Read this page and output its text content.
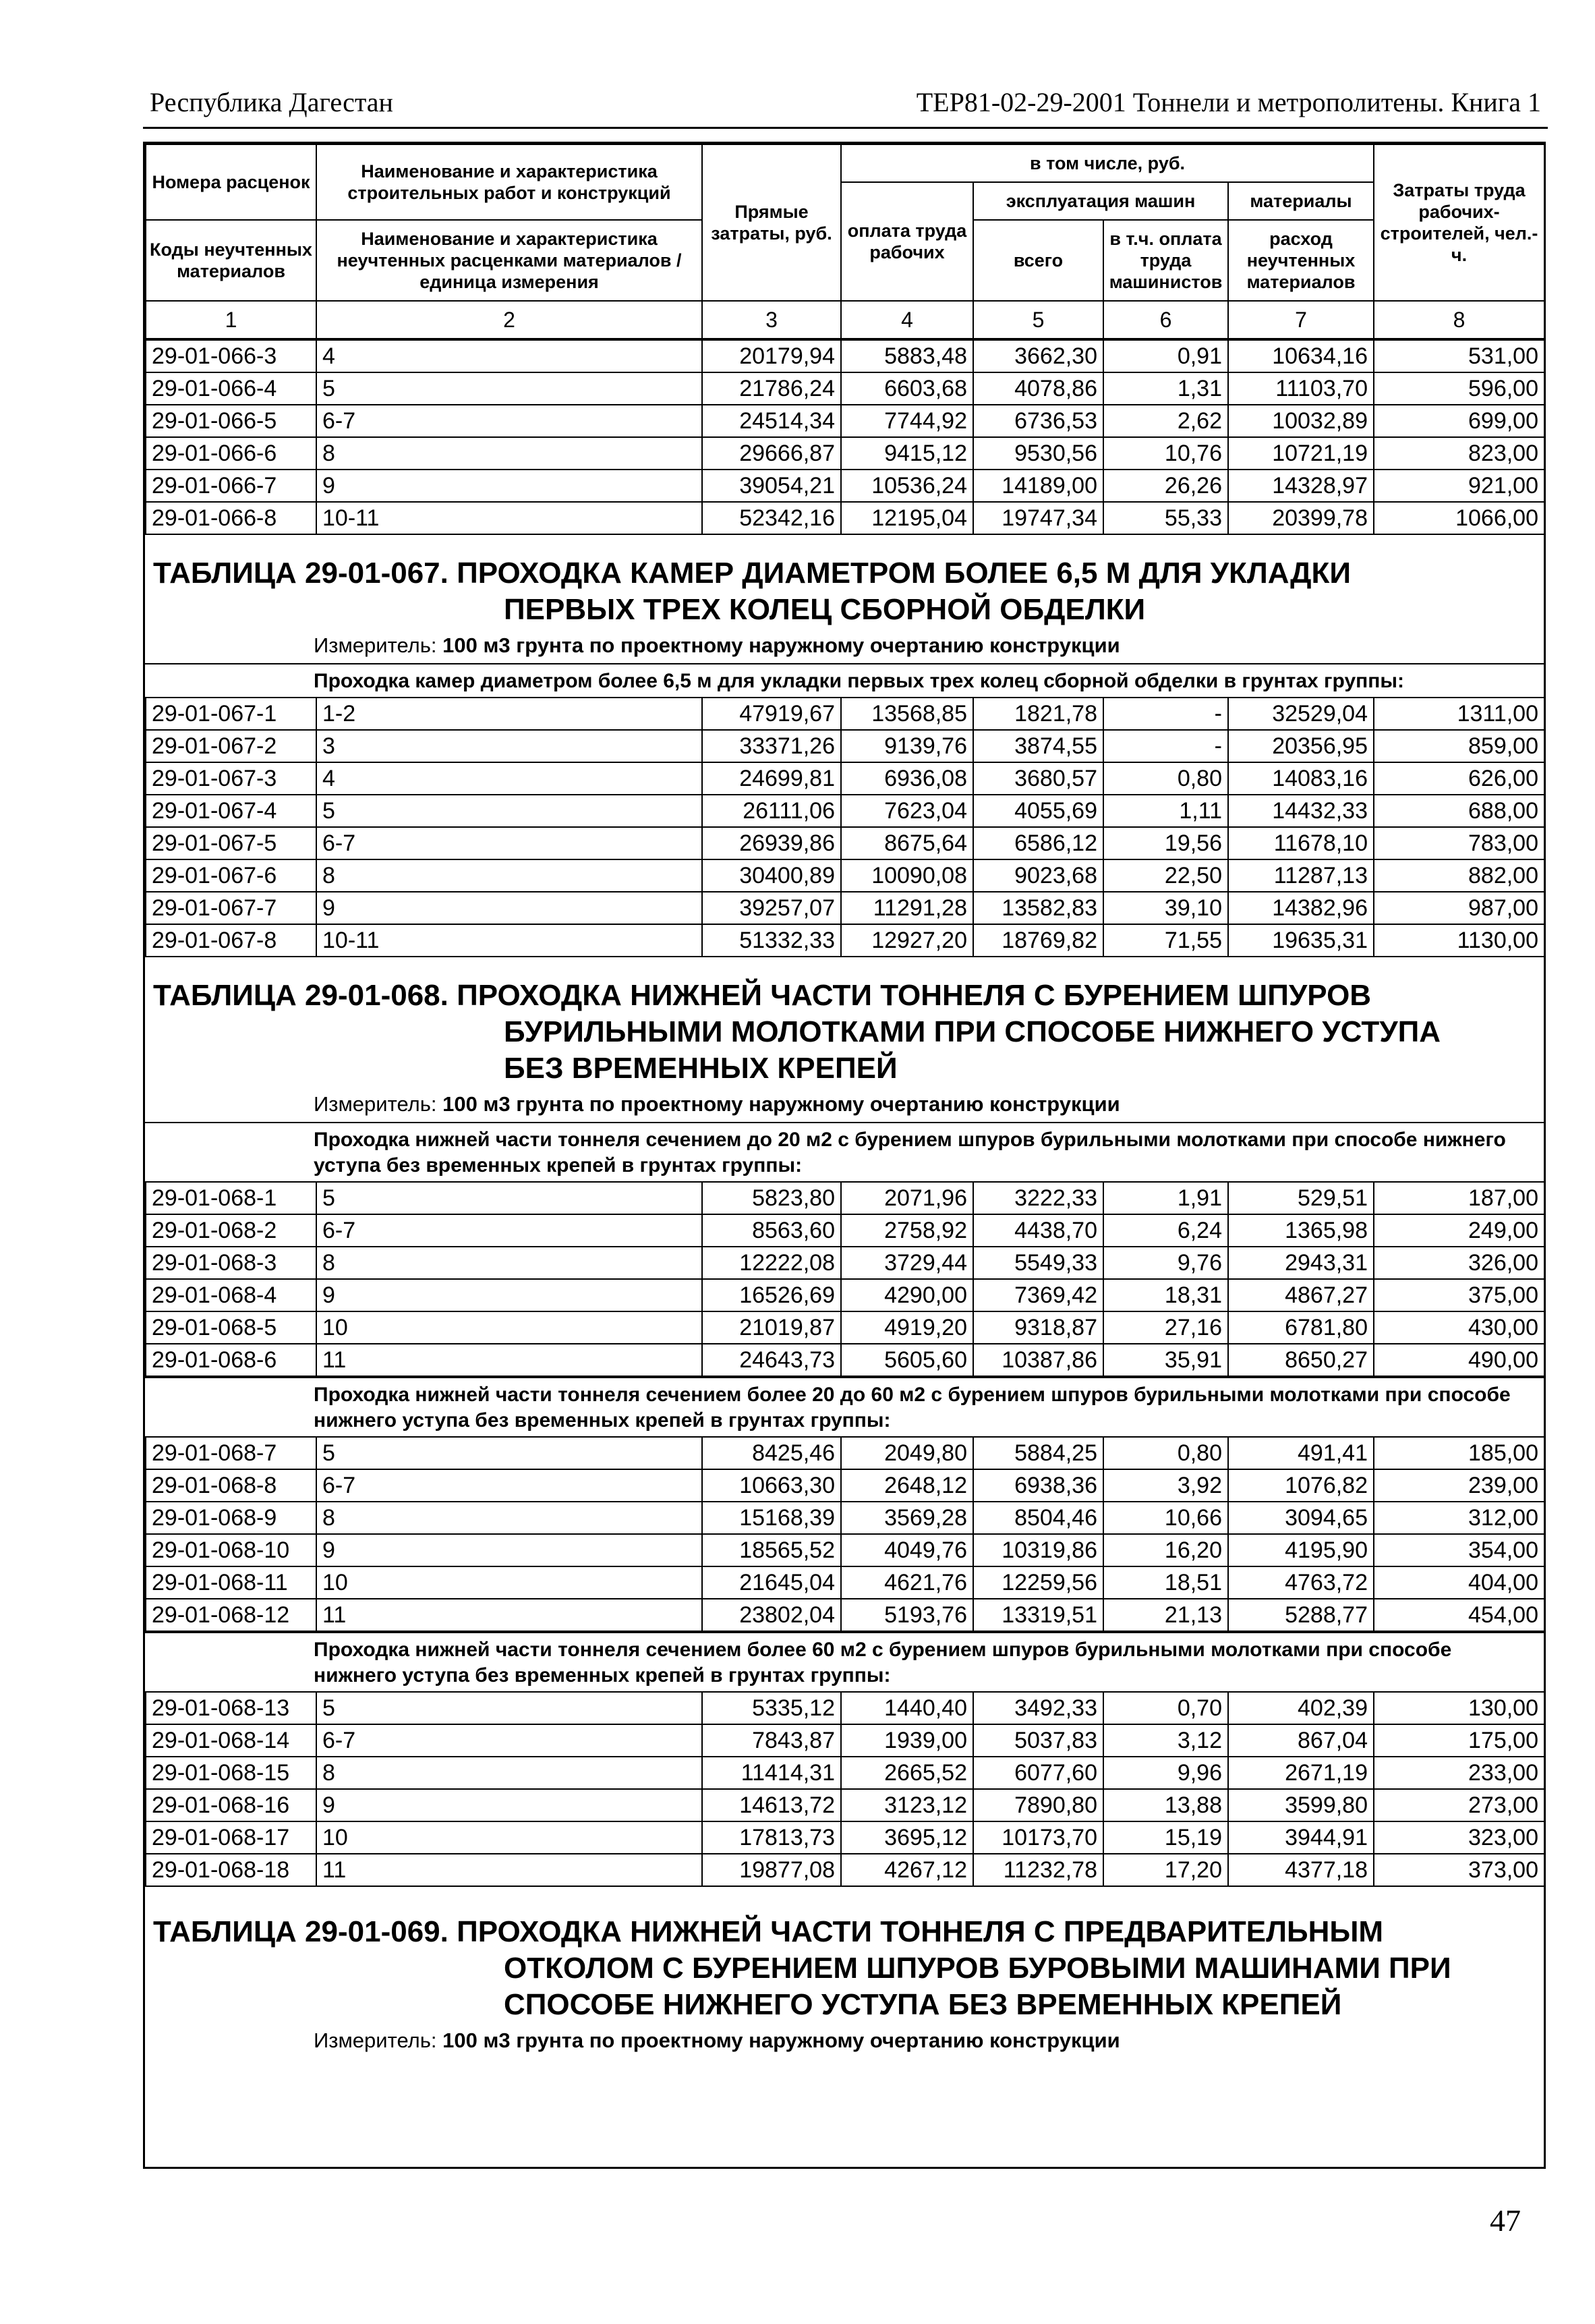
Республика Дагестан	ТЕР81-02-29-2001 Тоннели и метрополитены. Книга 1
Номера расценок	Наименование и характеристика строительных работ и конструкций	Прямые затраты, руб.	в том числе, руб.				Затраты труда рабочих-строителей, чел.-ч.
			оплата труда рабочих	эксплуатация машин		материалы	
Коды неучтенных материалов	Наименование и характеристика неучтенных расценками материалов / единица измерения			всего	в т.ч. оплата труда машинистов	расход неучтенных материалов	

1	2	3	4	5	6	7	8
29-01-066-3	4	20179,94	5883,48	3662,30	0,91	10634,16	531,00
29-01-066-4	5	21786,24	6603,68	4078,86	1,31	11103,70	596,00
29-01-066-5	6-7	24514,34	7744,92	6736,53	2,62	10032,89	699,00
29-01-066-6	8	29666,87	9415,12	9530,56	10,76	10721,19	823,00
29-01-066-7	9	39054,21	10536,24	14189,00	26,26	14328,97	921,00
29-01-066-8	10-11	52342,16	12195,04	19747,34	55,33	20399,78	1066,00
ТАБЛИЦА 29-01-067. ПРОХОДКА КАМЕР ДИАМЕТРОМ БОЛЕЕ 6,5 М ДЛЯ УКЛАДКИ
ПЕРВЫХ ТРЕХ КОЛЕЦ СБОРНОЙ ОБДЕЛКИ
Измеритель: 100 м3 грунта по проектному наружному очертанию конструкции
Проходка камер диаметром более 6,5 м для укладки первых трех колец сборной обделки в грунтах группы:
29-01-067-1	1-2	47919,67	13568,85	1821,78	-	32529,04	1311,00
29-01-067-2	3	33371,26	9139,76	3874,55	-	20356,95	859,00
29-01-067-3	4	24699,81	6936,08	3680,57	0,80	14083,16	626,00
29-01-067-4	5	26111,06	7623,04	4055,69	1,11	14432,33	688,00
29-01-067-5	6-7	26939,86	8675,64	6586,12	19,56	11678,10	783,00
29-01-067-6	8	30400,89	10090,08	9023,68	22,50	11287,13	882,00
29-01-067-7	9	39257,07	11291,28	13582,83	39,10	14382,96	987,00
29-01-067-8	10-11	51332,33	12927,20	18769,82	71,55	19635,31	1130,00
ТАБЛИЦА 29-01-068. ПРОХОДКА НИЖНЕЙ ЧАСТИ ТОННЕЛЯ С БУРЕНИЕМ ШПУРОВ
БУРИЛЬНЫМИ МОЛОТКАМИ ПРИ СПОСОБЕ НИЖНЕГО УСТУПА
БЕЗ ВРЕМЕННЫХ КРЕПЕЙ
Измеритель: 100 м3 грунта по проектному наружному очертанию конструкции
Проходка нижней части тоннеля сечением до 20 м2 с бурением шпуров бурильными молотками при способе нижнего уступа без временных крепей в грунтах группы:
29-01-068-1	5	5823,80	2071,96	3222,33	1,91	529,51	187,00
29-01-068-2	6-7	8563,60	2758,92	4438,70	6,24	1365,98	249,00
29-01-068-3	8	12222,08	3729,44	5549,33	9,76	2943,31	326,00
29-01-068-4	9	16526,69	4290,00	7369,42	18,31	4867,27	375,00
29-01-068-5	10	21019,87	4919,20	9318,87	27,16	6781,80	430,00
29-01-068-6	11	24643,73	5605,60	10387,86	35,91	8650,27	490,00
Проходка нижней части тоннеля сечением более 20 до 60 м2 с бурением шпуров бурильными молотками при способе нижнего уступа без временных крепей в грунтах группы:
29-01-068-7	5	8425,46	2049,80	5884,25	0,80	491,41	185,00
29-01-068-8	6-7	10663,30	2648,12	6938,36	3,92	1076,82	239,00
29-01-068-9	8	15168,39	3569,28	8504,46	10,66	3094,65	312,00
29-01-068-10	9	18565,52	4049,76	10319,86	16,20	4195,90	354,00
29-01-068-11	10	21645,04	4621,76	12259,56	18,51	4763,72	404,00
29-01-068-12	11	23802,04	5193,76	13319,51	21,13	5288,77	454,00
Проходка нижней части тоннеля сечением более 60 м2 с бурением шпуров бурильными молотками при способе нижнего уступа без временных крепей в грунтах группы:
29-01-068-13	5	5335,12	1440,40	3492,33	0,70	402,39	130,00
29-01-068-14	6-7	7843,87	1939,00	5037,83	3,12	867,04	175,00
29-01-068-15	8	11414,31	2665,52	6077,60	9,96	2671,19	233,00
29-01-068-16	9	14613,72	3123,12	7890,80	13,88	3599,80	273,00
29-01-068-17	10	17813,73	3695,12	10173,70	15,19	3944,91	323,00
29-01-068-18	11	19877,08	4267,12	11232,78	17,20	4377,18	373,00
ТАБЛИЦА 29-01-069. ПРОХОДКА НИЖНЕЙ ЧАСТИ ТОННЕЛЯ С ПРЕДВАРИТЕЛЬНЫМ
ОТКОЛОМ С БУРЕНИЕМ ШПУРОВ БУРОВЫМИ МАШИНАМИ ПРИ
СПОСОБЕ НИЖНЕГО УСТУПА БЕЗ ВРЕМЕННЫХ КРЕПЕЙ
Измеритель: 100 м3 грунта по проектному наружному очертанию конструкции
47
